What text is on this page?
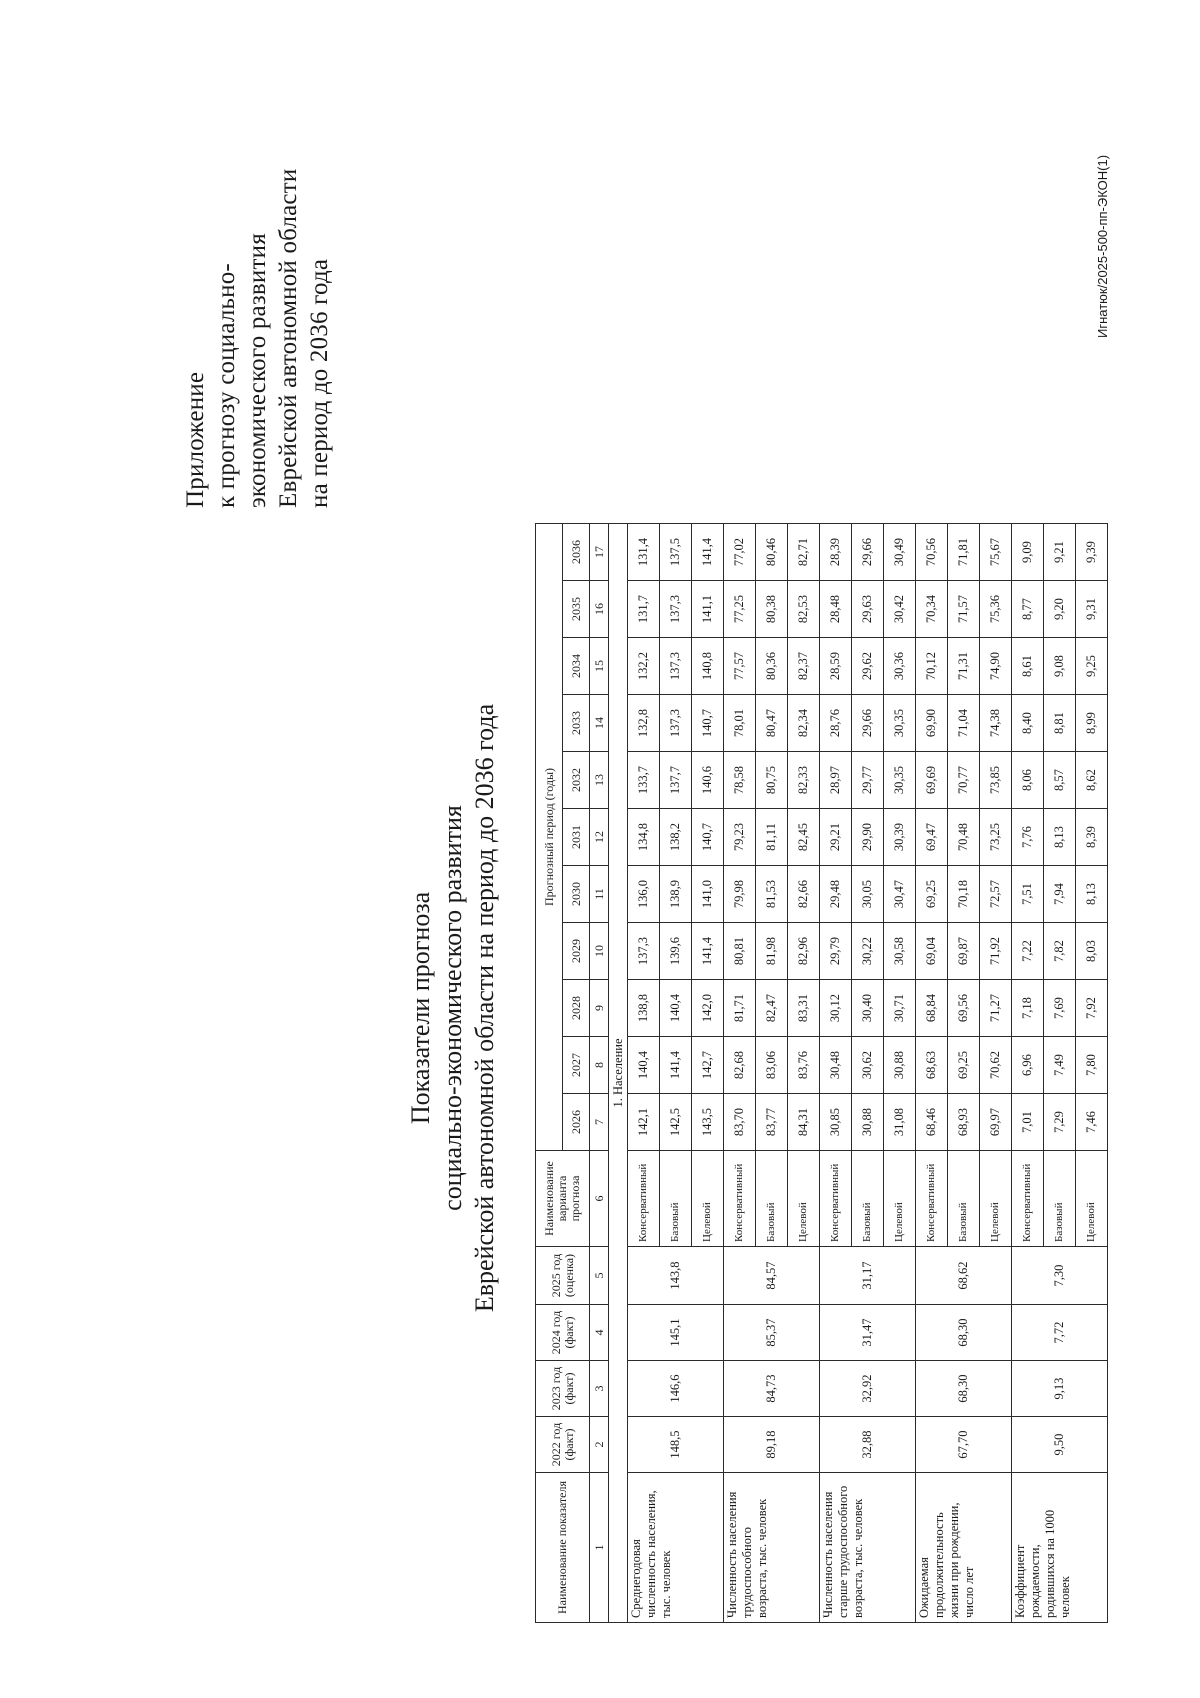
Приложение к прогнозу социально- экономического развития Еврейской автономной области на период до 2036 года
Показатели прогноза социально-экономического развития Еврейской автономной области на период до 2036 года
Наименование показателя	2022 год (факт)	2023 год (факт)	2024 год (факт)	2025 год (оценка)	Наименование варианта прогноза	Прогнозный период (годы)										
						2026	2027	2028	2029	2030	2031	2032	2033	2034	2035	2036
1	2	3	4	5	6	7	8	9	10	11	12	13	14	15	16	17
1. Население																
Среднегодовая численность населения, тыс. человек	148,5	146,6	145,1	143,8	Консервативный	142,1	140,4	138,8	137,3	136,0	134,8	133,7	132,8	132,2	131,7	131,4
					Базовый	142,5	141,4	140,4	139,6	138,9	138,2	137,7	137,3	137,3	137,3	137,5
					Целевой	143,5	142,7	142,0	141,4	141,0	140,7	140,6	140,7	140,8	141,1	141,4
Численность населения трудоспособного возраста, тыс. человек	89,18	84,73	85,37	84,57	Консервативный	83,70	82,68	81,71	80,81	79,98	79,23	78,58	78,01	77,57	77,25	77,02
					Базовый	83,77	83,06	82,47	81,98	81,53	81,11	80,75	80,47	80,36	80,38	80,46
					Целевой	84,31	83,76	83,31	82,96	82,66	82,45	82,33	82,34	82,37	82,53	82,71
Численность населения старше трудоспособного возраста, тыс. человек	32,88	32,92	31,47	31,17	Консервативный	30,85	30,48	30,12	29,79	29,48	29,21	28,97	28,76	28,59	28,48	28,39
					Базовый	30,88	30,62	30,40	30,22	30,05	29,90	29,77	29,66	29,62	29,63	29,66
					Целевой	31,08	30,88	30,71	30,58	30,47	30,39	30,35	30,35	30,36	30,42	30,49
Ожидаемая продолжительность жизни при рождении, число лет	67,70	68,30	68,30	68,62	Консервативный	68,46	68,63	68,84	69,04	69,25	69,47	69,69	69,90	70,12	70,34	70,56
					Базовый	68,93	69,25	69,56	69,87	70,18	70,48	70,77	71,04	71,31	71,57	71,81
					Целевой	69,97	70,62	71,27	71,92	72,57	73,25	73,85	74,38	74,90	75,36	75,67
Коэффициент рождаемости, родившихся на 1000 человек	9,50	9,13	7,72	7,30	Консервативный	7,01	6,96	7,18	7,22	7,51	7,76	8,06	8,40	8,61	8,77	9,09
					Базовый	7,29	7,49	7,69	7,82	7,94	8,13	8,57	8,81	9,08	9,20	9,21
					Целевой	7,46	7,80	7,92	8,03	8,13	8,39	8,62	8,99	9,25	9,31	9,39
Игнатюк/2025-500-пп-ЭКОН(1)
